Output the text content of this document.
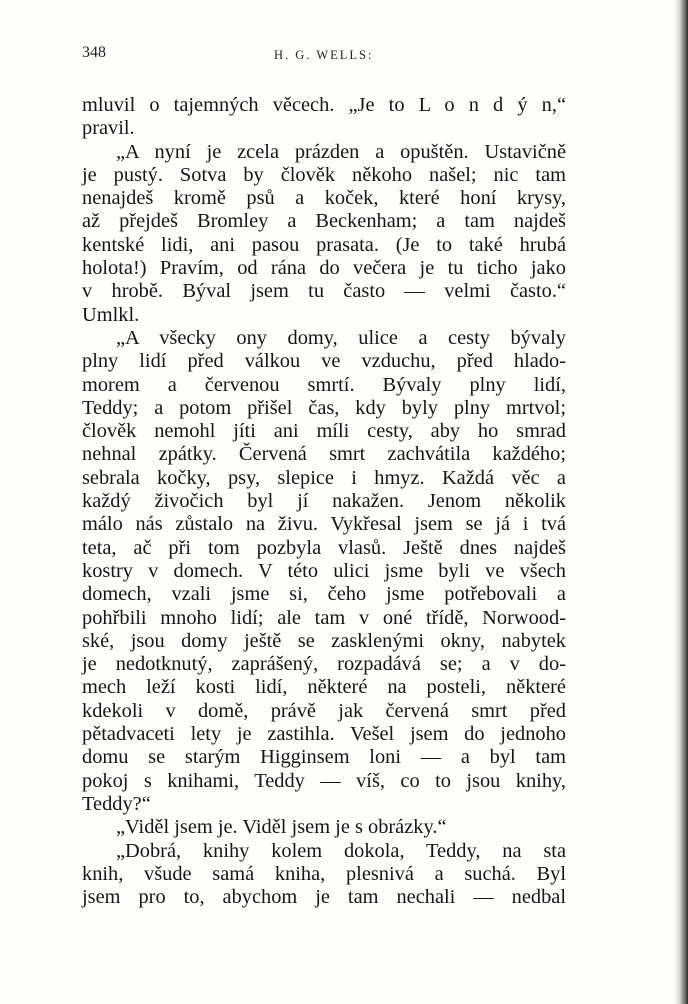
348	H. G. WELLS:
mluvil o tajemných věcech. „Je to L o n d ý n,“
pravil.
„A nyní je zcela prázden a opuštěn. Ustavičně
je pustý. Sotva by člověk někoho našel; nic tam
nenajdeš kromě psů a koček, které honí krysy,
až přejdeš Bromley a Beckenham; a tam najdeš
kentské lidi, ani pasou prasata. (Je to také hrubá
holota!) Pravím, od rána do večera je tu ticho jako
v hrobě. Býval jsem tu často — velmi často.“
Umlkl.
„A všecky ony domy, ulice a cesty bývaly
plny lidí před válkou ve vzduchu, před hlado-
morem a červenou smrtí. Bývaly plny lidí,
Teddy; a potom přišel čas, kdy byly plny mrtvol;
člověk nemohl jíti ani míli cesty, aby ho smrad
nehnal zpátky. Červená smrt zachvátila každého;
sebrala kočky, psy, slepice i hmyz. Každá věc a
každý živočich byl jí nakažen. Jenom několik
málo nás zůstalo na živu. Vykřesal jsem se já i tvá
teta, ač při tom pozbyla vlasů. Ještě dnes najdeš
kostry v domech. V této ulici jsme byli ve všech
domech, vzali jsme si, čeho jsme potřebovali a
pohřbili mnoho lidí; ale tam v oné třídě, Norwood-
ské, jsou domy ještě se zasklenými okny, nabytek
je nedotknutý, zaprášený, rozpadává se; a v do-
mech leží kosti lidí, některé na posteli, některé
kdekoli v domě, právě jak červená smrt před
pětadvaceti lety je zastihla. Vešel jsem do jednoho
domu se starým Higginsem loni — a byl tam
pokoj s knihami, Teddy — víš, co to jsou knihy,
Teddy?“
„Viděl jsem je. Viděl jsem je s obrázky.“
„Dobrá, knihy kolem dokola, Teddy, na sta
knih, všude samá kniha, plesnivá a suchá. Byl
jsem pro to, abychom je tam nechali — nedbal
